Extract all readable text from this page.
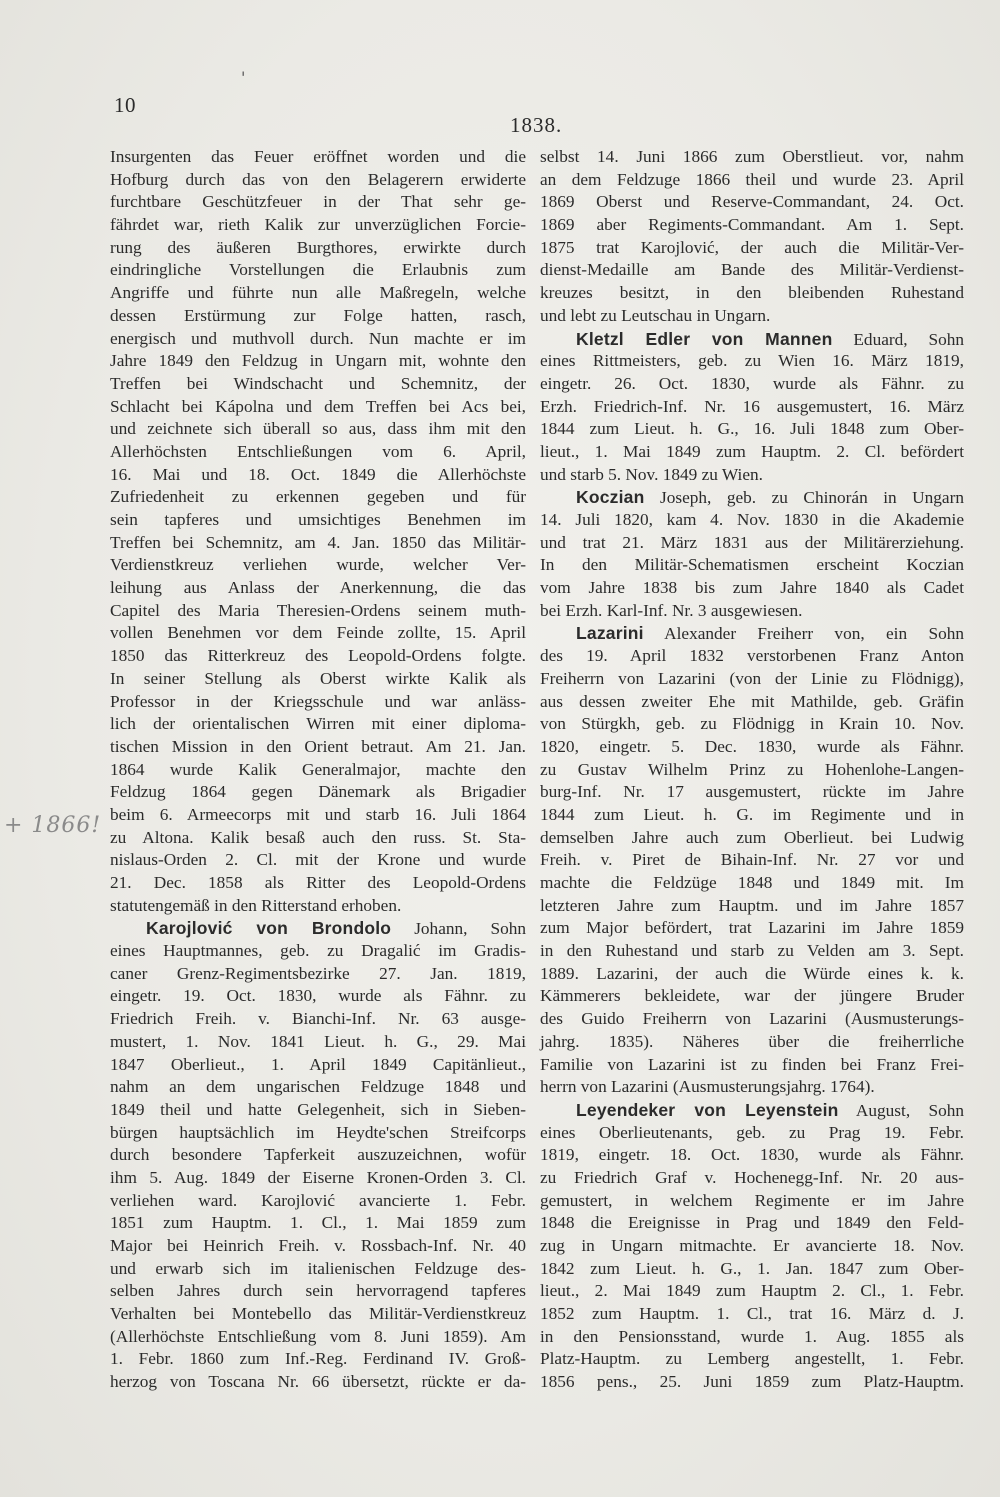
'
10
1838.
+ 1866!
Insurgenten das Feuer eröffnet worden und die
Hofburg durch das von den Belagerern erwiderte
furchtbare Geschützfeuer in der That sehr ge-
fährdet war, rieth Kalik zur unverzüglichen Forcie-
rung des äußeren Burgthores, erwirkte durch
eindringliche Vorstellungen die Erlaubnis zum
Angriffe und führte nun alle Maßregeln, welche
dessen Erstürmung zur Folge hatten, rasch,
energisch und muthvoll durch. Nun machte er im
Jahre 1849 den Feldzug in Ungarn mit, wohnte den
Treffen bei Windschacht und Schemnitz, der
Schlacht bei Kápolna und dem Treffen bei Acs bei,
und zeichnete sich überall so aus, dass ihm mit den
Allerhöchsten Entschließungen vom 6. April,
16. Mai und 18. Oct. 1849 die Allerhöchste
Zufriedenheit zu erkennen gegeben und für
sein tapferes und umsichtiges Benehmen im
Treffen bei Schemnitz, am 4. Jan. 1850 das Militär-
Verdienstkreuz verliehen wurde, welcher Ver-
leihung aus Anlass der Anerkennung, die das
Capitel des Maria Theresien-Ordens seinem muth-
vollen Benehmen vor dem Feinde zollte, 15. April
1850 das Ritterkreuz des Leopold-Ordens folgte.
In seiner Stellung als Oberst wirkte Kalik als
Professor in der Kriegsschule und war anläss-
lich der orientalischen Wirren mit einer diploma-
tischen Mission in den Orient betraut. Am 21. Jan.
1864 wurde Kalik Generalmajor, machte den
Feldzug 1864 gegen Dänemark als Brigadier
beim 6. Armeecorps mit und starb 16. Juli 1864
zu Altona. Kalik besaß auch den russ. St. Sta-
nislaus-Orden 2. Cl. mit der Krone und wurde
21. Dec. 1858 als Ritter des Leopold-Ordens
statutengemäß in den Ritterstand erhoben.
Karojlović von Brondolo Johann, Sohn
eines Hauptmannes, geb. zu Dragalić im Gradis-
caner Grenz-Regimentsbezirke 27. Jan. 1819,
eingetr. 19. Oct. 1830, wurde als Fähnr. zu
Friedrich Freih. v. Bianchi-Inf. Nr. 63 ausge-
mustert, 1. Nov. 1841 Lieut. h. G., 29. Mai
1847 Oberlieut., 1. April 1849 Capitänlieut.,
nahm an dem ungarischen Feldzuge 1848 und
1849 theil und hatte Gelegenheit, sich in Sieben-
bürgen hauptsächlich im Heydte'schen Streifcorps
durch besondere Tapferkeit auszuzeichnen, wofür
ihm 5. Aug. 1849 der Eiserne Kronen-Orden 3. Cl.
verliehen ward. Karojlović avancierte 1. Febr.
1851 zum Hauptm. 1. Cl., 1. Mai 1859 zum
Major bei Heinrich Freih. v. Rossbach-Inf. Nr. 40
und erwarb sich im italienischen Feldzuge des-
selben Jahres durch sein hervorragend tapferes
Verhalten bei Montebello das Militär-Verdienstkreuz
(Allerhöchste Entschließung vom 8. Juni 1859). Am
1. Febr. 1860 zum Inf.-Reg. Ferdinand IV. Groß-
herzog von Toscana Nr. 66 übersetzt, rückte er da-
selbst 14. Juni 1866 zum Oberstlieut. vor, nahm
an dem Feldzuge 1866 theil und wurde 23. April
1869 Oberst und Reserve-Commandant, 24. Oct.
1869 aber Regiments-Commandant. Am 1. Sept.
1875 trat Karojlović, der auch die Militär-Ver-
dienst-Medaille am Bande des Militär-Verdienst-
kreuzes besitzt, in den bleibenden Ruhestand
und lebt zu Leutschau in Ungarn.
Kletzl Edler von Mannen Eduard, Sohn
eines Rittmeisters, geb. zu Wien 16. März 1819,
eingetr. 26. Oct. 1830, wurde als Fähnr. zu
Erzh. Friedrich-Inf. Nr. 16 ausgemustert, 16. März
1844 zum Lieut. h. G., 16. Juli 1848 zum Ober-
lieut., 1. Mai 1849 zum Hauptm. 2. Cl. befördert
und starb 5. Nov. 1849 zu Wien.
Koczian Joseph, geb. zu Chinorán in Ungarn
14. Juli 1820, kam 4. Nov. 1830 in die Akademie
und trat 21. März 1831 aus der Militärerziehung.
In den Militär-Schematismen erscheint Koczian
vom Jahre 1838 bis zum Jahre 1840 als Cadet
bei Erzh. Karl-Inf. Nr. 3 ausgewiesen.
Lazarini Alexander Freiherr von, ein Sohn
des 19. April 1832 verstorbenen Franz Anton
Freiherrn von Lazarini (von der Linie zu Flödnigg),
aus dessen zweiter Ehe mit Mathilde, geb. Gräfin
von Stürgkh, geb. zu Flödnigg in Krain 10. Nov.
1820, eingetr. 5. Dec. 1830, wurde als Fähnr.
zu Gustav Wilhelm Prinz zu Hohenlohe-Langen-
burg-Inf. Nr. 17 ausgemustert, rückte im Jahre
1844 zum Lieut. h. G. im Regimente und in
demselben Jahre auch zum Oberlieut. bei Ludwig
Freih. v. Piret de Bihain-Inf. Nr. 27 vor und
machte die Feldzüge 1848 und 1849 mit. Im
letzteren Jahre zum Hauptm. und im Jahre 1857
zum Major befördert, trat Lazarini im Jahre 1859
in den Ruhestand und starb zu Velden am 3. Sept.
1889. Lazarini, der auch die Würde eines k. k.
Kämmerers bekleidete, war der jüngere Bruder
des Guido Freiherrn von Lazarini (Ausmusterungs-
jahrg. 1835). Näheres über die freiherrliche
Familie von Lazarini ist zu finden bei Franz Frei-
herrn von Lazarini (Ausmusterungsjahrg. 1764).
Leyendeker von Leyenstein August, Sohn
eines Oberlieutenants, geb. zu Prag 19. Febr.
1819, eingetr. 18. Oct. 1830, wurde als Fähnr.
zu Friedrich Graf v. Hochenegg-Inf. Nr. 20 aus-
gemustert, in welchem Regimente er im Jahre
1848 die Ereignisse in Prag und 1849 den Feld-
zug in Ungarn mitmachte. Er avancierte 18. Nov.
1842 zum Lieut. h. G., 1. Jan. 1847 zum Ober-
lieut., 2. Mai 1849 zum Hauptm 2. Cl., 1. Febr.
1852 zum Hauptm. 1. Cl., trat 16. März d. J.
in den Pensionsstand, wurde 1. Aug. 1855 als
Platz-Hauptm. zu Lemberg angestellt, 1. Febr.
1856 pens., 25. Juni 1859 zum Platz-Hauptm.
